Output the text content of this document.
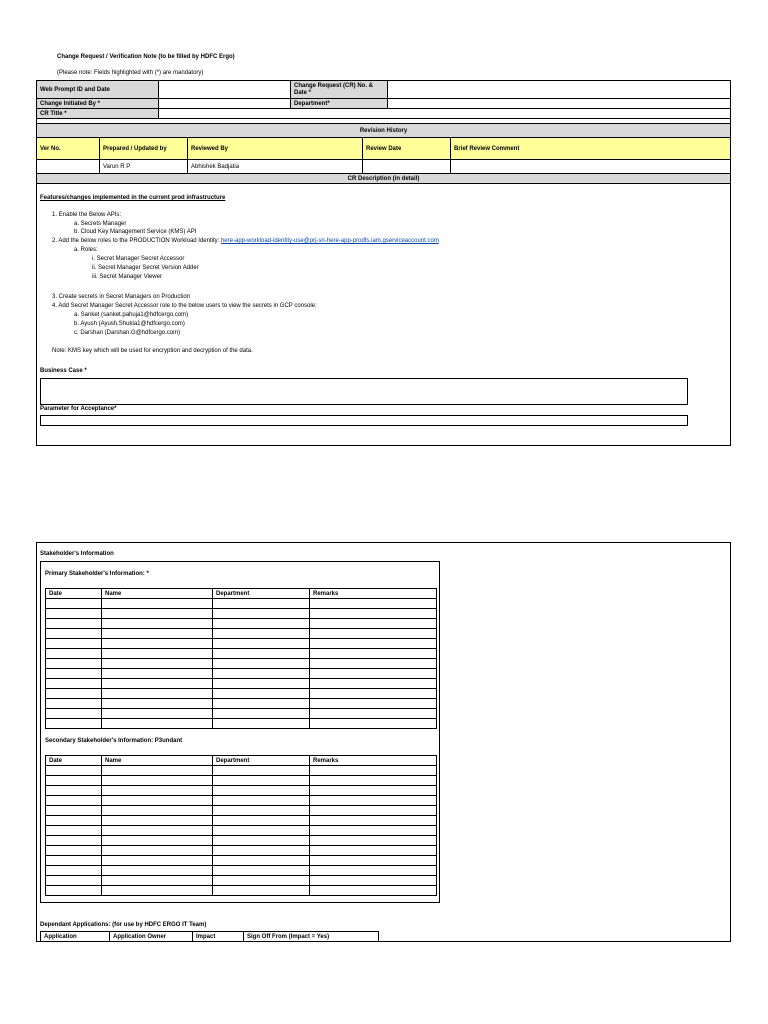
Change Request / Verification Note (to be filled by HDFC Ergo)
(Please note: Fields highlighted with (*) are mandatory)
Web Prompt ID and Date		Change Request (CR) No. &
Date *	
Change Initiated By *		Department*	
CR Title *			
Revision History				
Ver No.	Prepared / Updated by	Reviewed By	Review Date	Brief Review Comment
	Varun R P	Abhishek Badjatia		
CR Description (in detail)				
Features/changes implemented in the current prod infrastructure
1. Enable the Below APIs:
a. Secrets Manager
b. Cloud Key Management Service (KMS) API
2. Add the below roles to the PRODUCTION Workload Identity: here-app-workload-identity-use@prj-sn-here-app-prodfs.iam.gserviceaccount.com
a. Roles:
i. Secret Manager Secret Accessor
ii. Secret Manager Secret Version Adder
iii. Secret Manager Viewer
3. Create secrets in Secret Managers on Production
4. Add Secret Manager Secret Accessor role to the below users to view the secrets in GCP console:
a. Sanket (sanket.pahuja1@hdfcergo.com)
b. Ayush (Ayush.Shukla1@hdfcergo.com)
c. Darshan (Darshan.G@hdfcergo.com)
Note: KMS key which will be used for encryption and decryption of the data.
Business Case *
Parameter for Acceptance*
Stakeholder's Information
Primary Stakeholder's Information: *
Date	Name	Department	Remarks

Secondary Stakeholder's Information: P3undant
Date	Name	Department	Remarks

Dependant Applications: (for use by HDFC ERGO IT Team)
Application	Application Owner	Impact	Sign Off From (Impact = Yes)
